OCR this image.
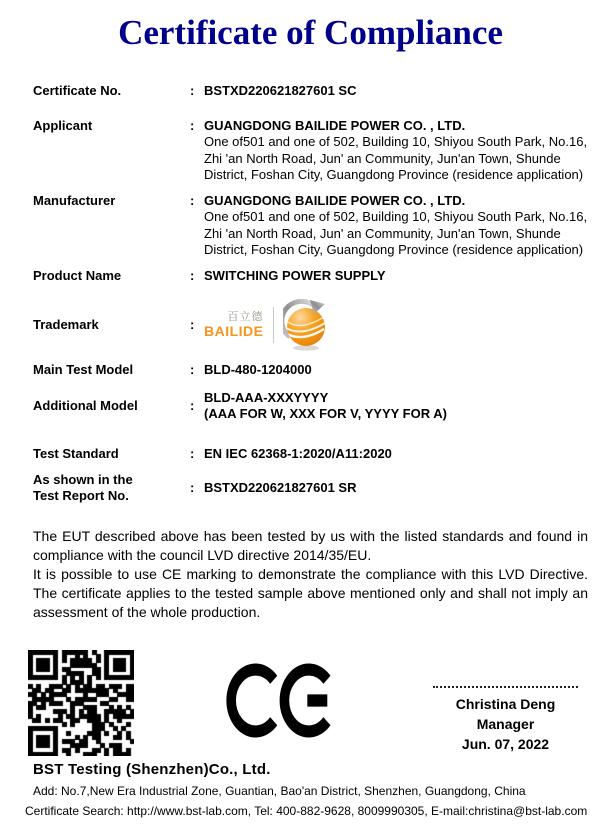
Certificate of Compliance
Certificate No.	: BSTXD220621827601 SC
Applicant	: GUANGDONG BAILIDE POWER CO. , LTD.
One of501 and one of 502, Building 10, Shiyou South Park, No.16,
Zhi 'an North Road, Jun' an Community, Jun'an Town, Shunde
District, Foshan City, Guangdong Province (residence application)
Manufacturer	: GUANGDONG BAILIDE POWER CO. , LTD.
One of501 and one of 502, Building 10, Shiyou South Park, No.16,
Zhi 'an North Road, Jun' an Community, Jun'an Town, Shunde
District, Foshan City, Guangdong Province (residence application)
Product Name	: SWITCHING POWER SUPPLY
Trademark	:	百立德
BAILIDE
Main Test Model	: BLD-480-1204000
Additional Model	:
BLD-AAA-XXXYYYY
(AAA FOR W, XXX FOR V, YYYY FOR A)
Test Standard	: EN IEC 62368-1:2020/A11:2020
As shown in the
Test Report No.
: BSTXD220621827601 SR

The EUT described above has been tested by us with the listed standards and found in compliance with the council LVD directive 2014/35/EU.

It is possible to use CE marking to demonstrate the compliance with this LVD Directive. The certificate applies to the tested sample above mentioned only and shall not imply an assessment of the whole production.

Christina Deng
Manager
Jun. 07, 2022
BST Testing (Shenzhen)Co., Ltd.
Add: No.7,New Era Industrial Zone, Guantian, Bao'an District, Shenzhen, Guangdong, China
Certificate Search: http://www.bst-lab.com, Tel: 400-882-9628, 8009990305, E-mail:christina@bst-lab.com
